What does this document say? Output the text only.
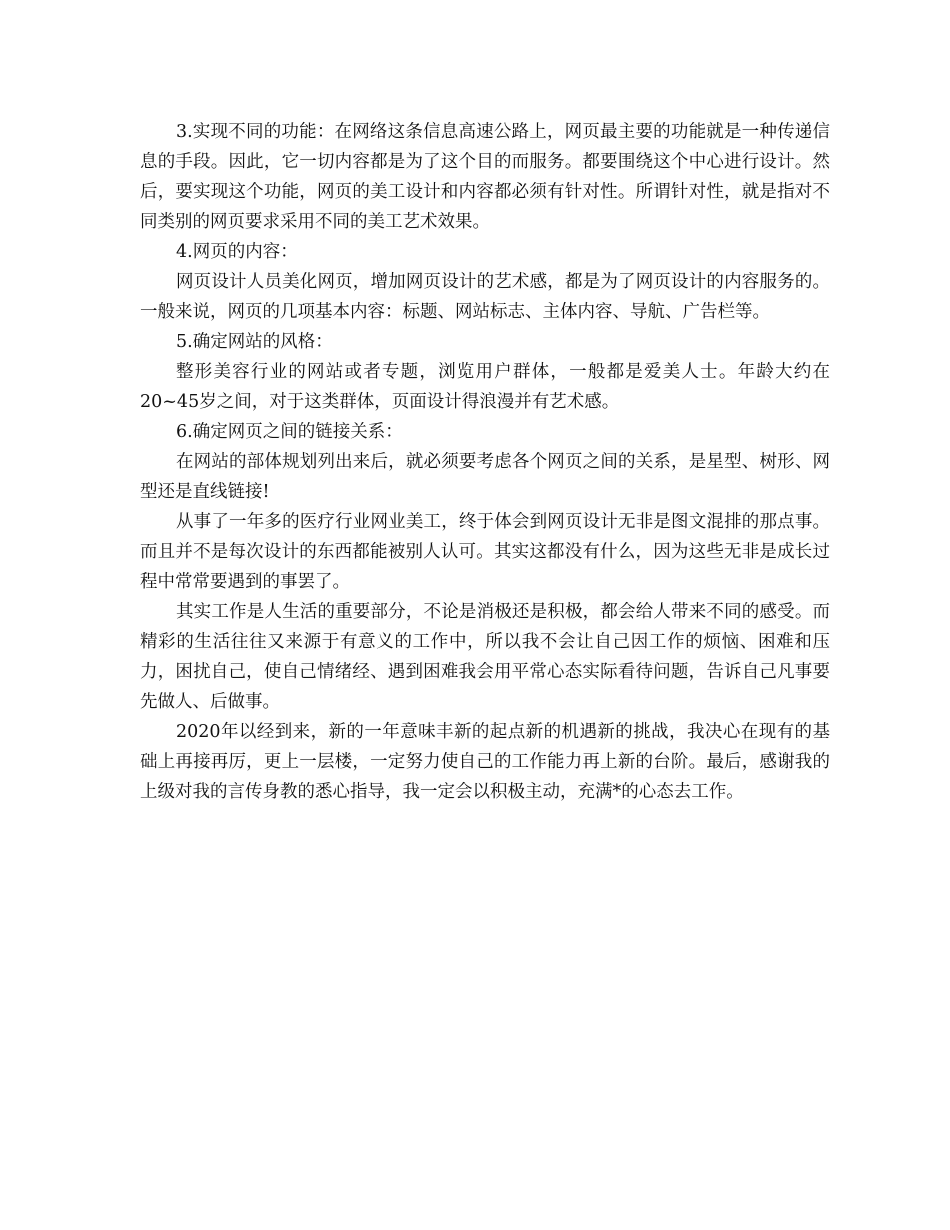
3.实现不同的功能：在网络这条信息高速公路上，网页最主要的功能就是一种传递信息的手段。因此，它一切内容都是为了这个目的而服务。都要围绕这个中心进行设计。然后，要实现这个功能，网页的美工设计和内容都必须有针对性。所谓针对性，就是指对不同类别的网页要求采用不同的美工艺术效果。

4.网页的内容：

网页设计人员美化网页，增加网页设计的艺术感，都是为了网页设计的内容服务的。一般来说，网页的几项基本内容：标题、网站标志、主体内容、导航、广告栏等。

5.确定网站的风格：

整形美容行业的网站或者专题，浏览用户群体，一般都是爱美人士。年龄大约在20~45岁之间，对于这类群体，页面设计得浪漫并有艺术感。

6.确定网页之间的链接关系：

在网站的部体规划列出来后，就必须要考虑各个网页之间的关系，是星型、树形、网型还是直线链接!

从事了一年多的医疗行业网业美工，终于体会到网页设计无非是图文混排的那点事。而且并不是每次设计的东西都能被别人认可。其实这都没有什么，因为这些无非是成长过程中常常要遇到的事罢了。

其实工作是人生活的重要部分，不论是消极还是积极，都会给人带来不同的感受。而精彩的生活往往又来源于有意义的工作中，所以我不会让自己因工作的烦恼、困难和压力，困扰自己，使自己情绪经、遇到困难我会用平常心态实际看待问题，告诉自己凡事要先做人、后做事。

2020年以经到来，新的一年意味丰新的起点新的机遇新的挑战，我决心在现有的基础上再接再厉，更上一层楼，一定努力使自己的工作能力再上新的台阶。最后，感谢我的上级对我的言传身教的悉心指导，我一定会以积极主动，充满*的心态去工作。
